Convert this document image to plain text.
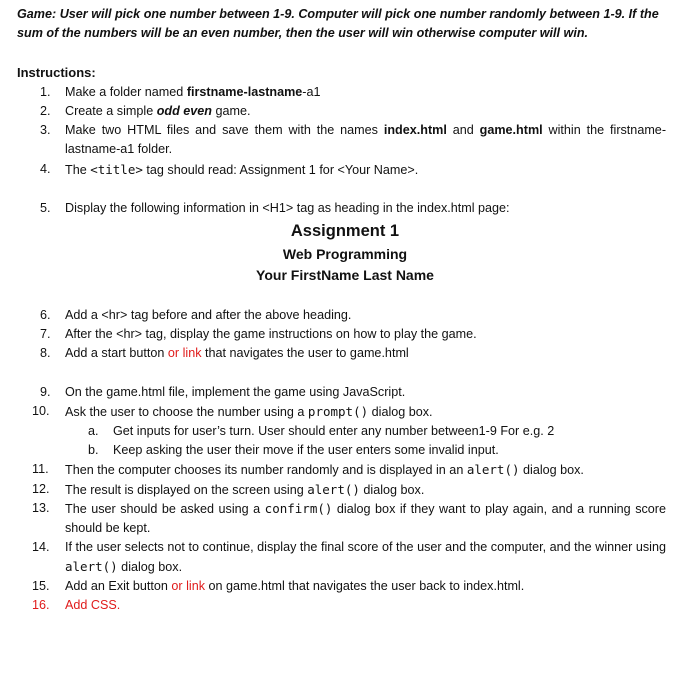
Game: User will pick one number between 1-9. Computer will pick one number randomly between 1-9. If the sum of the numbers will be an even number, then the user will win otherwise computer will win.
Instructions:
1. Make a folder named firstname-lastname-a1
2. Create a simple odd even game.
3. Make two HTML files and save them with the names index.html and game.html within the firstname-lastname-a1 folder.
4. The <title> tag should read: Assignment 1 for <Your Name>.
5. Display the following information in <H1> tag as heading in the index.html page:
Assignment 1
Web Programming
Your FirstName Last Name
6. Add a <hr> tag before and after the above heading.
7. After the <hr> tag, display the game instructions on how to play the game.
8. Add a start button or link that navigates the user to game.html
9. On the game.html file, implement the game using JavaScript.
10. Ask the user to choose the number using a prompt() dialog box.
a. Get inputs for user’s turn. User should enter any number between1-9 For e.g. 2
b. Keep asking the user their move if the user enters some invalid input.
11. Then the computer chooses its number randomly and is displayed in an alert() dialog box.
12. The result is displayed on the screen using alert() dialog box.
13. The user should be asked using a confirm() dialog box if they want to play again, and a running score should be kept.
14. If the user selects not to continue, display the final score of the user and the computer, and the winner using alert() dialog box.
15. Add an Exit button or link on game.html that navigates the user back to index.html.
16. Add CSS.
